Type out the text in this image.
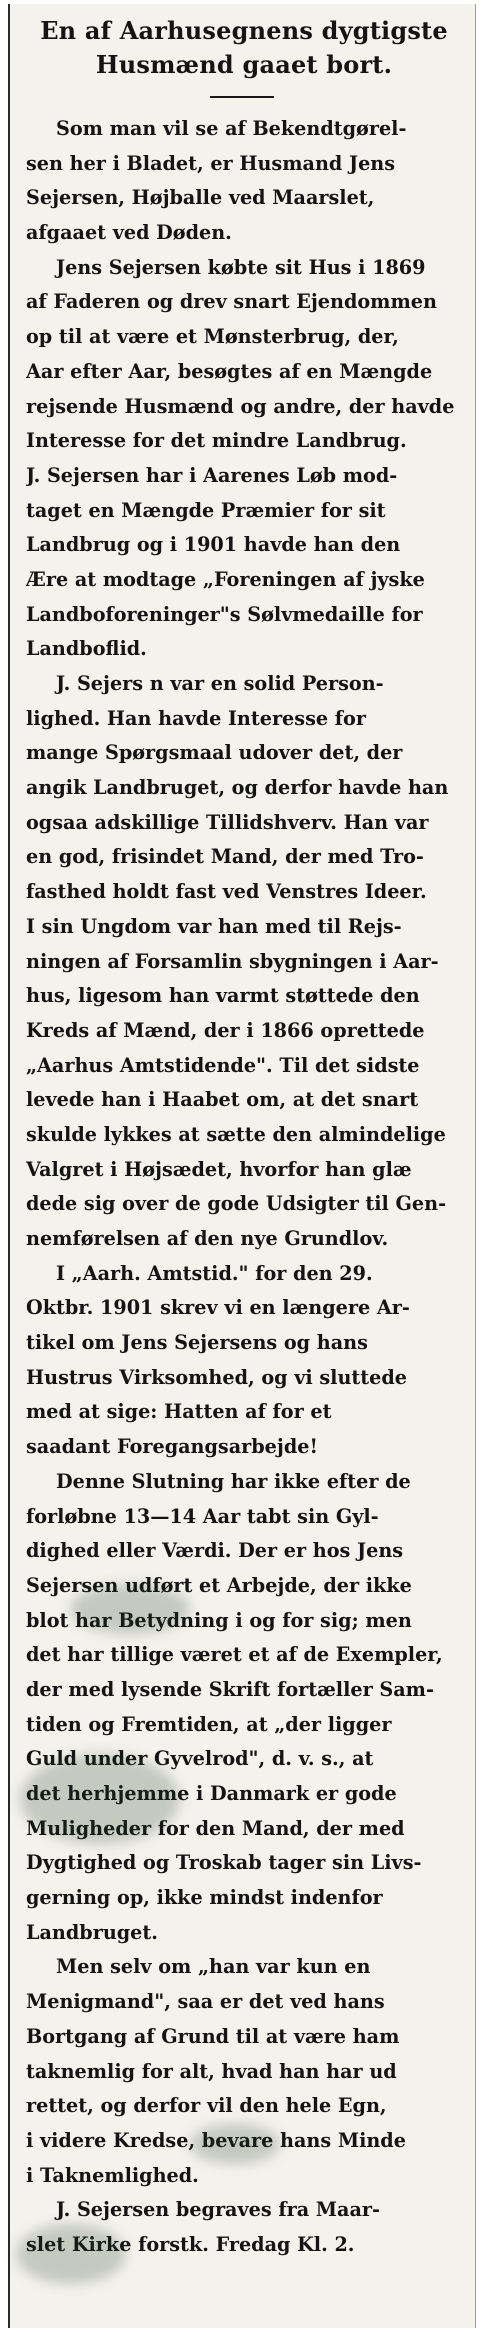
En af Aarhusegnens dygtigste
Husmænd gaaet bort.
Som man vil se af Bekendtgørel-
sen her i Bladet, er Husmand Jens
Sejersen, Højballe ved Maarslet,
afgaaet ved Døden.
Jens Sejersen købte sit Hus i 1869
af Faderen og drev snart Ejendommen
op til at være et Mønsterbrug, der,
Aar efter Aar, besøgtes af en Mængde
rejsende Husmænd og andre, der havde
Interesse for det mindre Landbrug.
J. Sejersen har i Aarenes Løb mod-
taget en Mængde Præmier for sit
Landbrug og i 1901 havde han den
Ære at modtage „Foreningen af jyske
Landboforeninger"s Sølvmedaille for
Landboflid.
J. Sejers n var en solid Person-
lighed. Han havde Interesse for
mange Spørgsmaal udover det, der
angik Landbruget, og derfor havde han
ogsaa adskillige Tillidshverv. Han var
en god, frisindet Mand, der med Tro-
fasthed holdt fast ved Venstres Ideer.
I sin Ungdom var han med til Rejs-
ningen af Forsamlin sbygningen i Aar-
hus, ligesom han varmt støttede den
Kreds af Mænd, der i 1866 oprettede
„Aarhus Amtstidende". Til det sidste
levede han i Haabet om, at det snart
skulde lykkes at sætte den almindelige
Valgret i Højsædet, hvorfor han glæ
dede sig over de gode Udsigter til Gen-
nemførelsen af den nye Grundlov.
I „Aarh. Amtstid." for den 29.
Oktbr. 1901 skrev vi en længere Ar-
tikel om Jens Sejersens og hans
Hustrus Virksomhed, og vi sluttede
med at sige: Hatten af for et
saadant Foregangsarbejde!
Denne Slutning har ikke efter de
forløbne 13—14 Aar tabt sin Gyl-
dighed eller Værdi. Der er hos Jens
Sejersen udført et Arbejde, der ikke
blot har Betydning i og for sig; men
det har tillige været et af de Exempler,
der med lysende Skrift fortæller Sam-
tiden og Fremtiden, at „der ligger
Guld under Gyvelrod", d. v. s., at
det herhjemme i Danmark er gode
Muligheder for den Mand, der med
Dygtighed og Troskab tager sin Livs-
gerning op, ikke mindst indenfor
Landbruget.
Men selv om „han var kun en
Menigmand", saa er det ved hans
Bortgang af Grund til at være ham
taknemlig for alt, hvad han har ud
rettet, og derfor vil den hele Egn,
i videre Kredse, bevare hans Minde
i Taknemlighed.
J. Sejersen begraves fra Maar-
slet Kirke forstk. Fredag Kl. 2.
